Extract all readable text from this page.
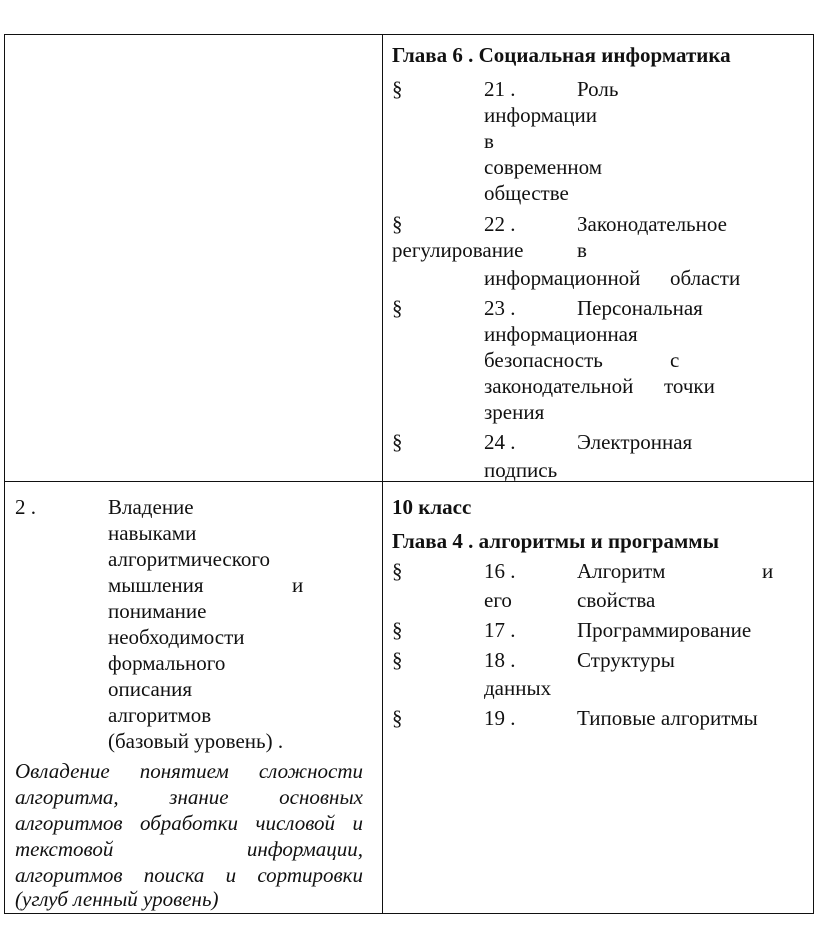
Глава 6 . Социальная информатика
§	21 .	Роль
информации
в
современном
обществе
§	22 .	Законодательное
регулирование	в
информационной области
§	23 .	Персональная
информационная
безопасность	с
законодательной точки
зрения
§	24 .	Электронная
подпись
2 .	Владение
навыками
алгоритмического
мышления	и
понимание
необходимости
формального
описания
алгоритмов
(базовый уровень) .
Овладение понятием сложности
алгоритма, знание основных
алгоритмов обработки числовой и
текстовой информации,
алгоритмов поиска и сортировки
(углуб ленный уровень)
10 класс
Глава 4 . алгоритмы и программы
§	16 .	Алгоритм	и
его	свойства
§	17 .	Программирование
§	18 .	Структуры
данных
§	19 .	Типовые алгоритмы
